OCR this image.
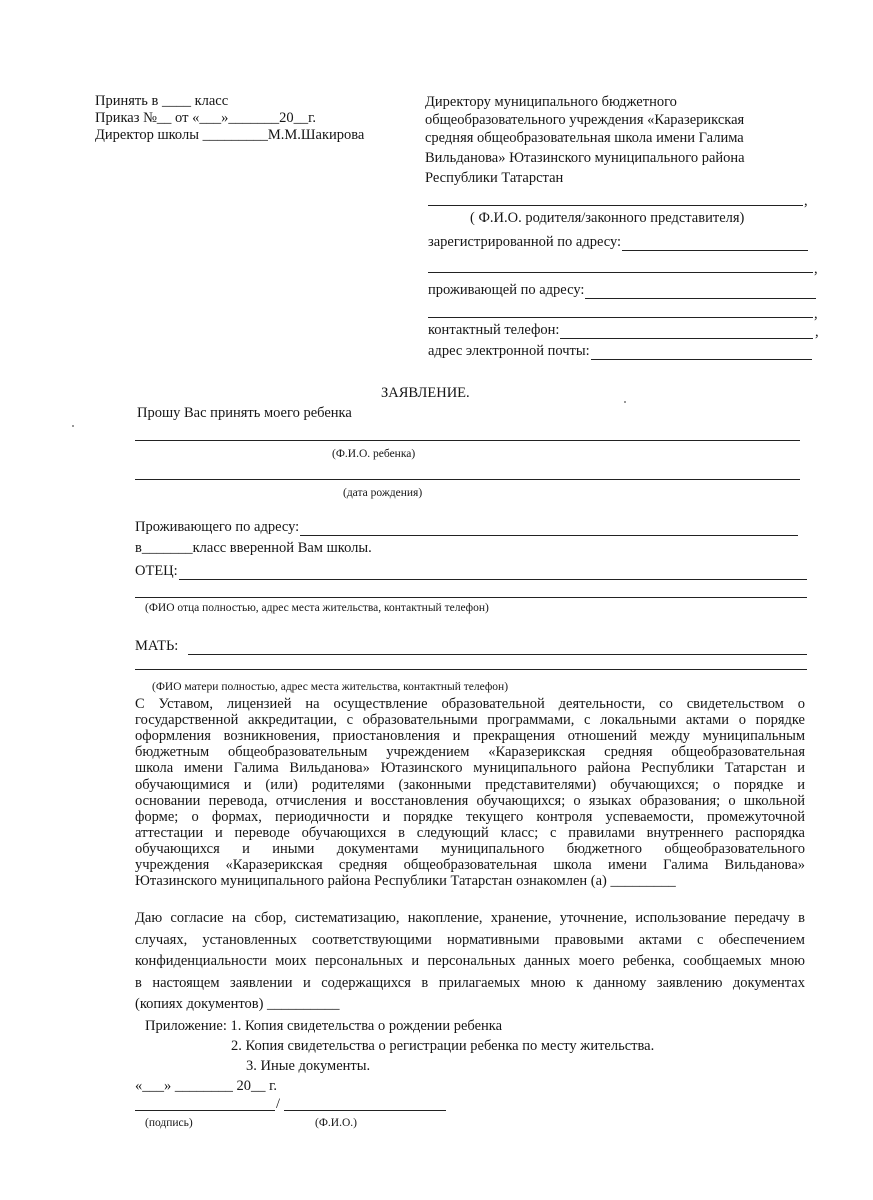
Принять в ____ класс
Приказ №__ от «___»_______20__г.
Директор школы _________М.М.Шакирова
Директору муниципального бюджетного
общеобразовательного учреждения «Каразерикская
средняя общеобразовательная школа имени Галима
Вильданова» Ютазинского муниципального района
Республики Татарстан
,
( Ф.И.О. родителя/законного представителя)
зарегистрированной по адресу:
,
проживающей по адресу:
,
контактный телефон:	,
адрес электронной почты:
ЗАЯВЛЕНИЕ.
Прошу Вас принять моего ребенка
(Ф.И.О. ребенка)
(дата рождения)
Проживающего по адресу:
в_______класс вверенной Вам школы.
ОТЕЦ:
(ФИО отца полностью, адрес места жительства, контактный телефон)
МАТЬ:
(ФИО матери полностью, адрес места жительства, контактный телефон)
С Уставом, лицензией на осуществление образовательной деятельности, со свидетельством о
государственной аккредитации, с образовательными программами, с локальными актами о порядке
оформления возникновения, приостановления и прекращения отношений между муниципальным
бюджетным общеобразовательным учреждением «Каразерикская средняя общеобразовательная
школа имени Галима Вильданова» Ютазинского муниципального района Республики Татарстан и
обучающимися и (или) родителями (законными представителями) обучающихся; о порядке и
основании перевода, отчисления и восстановления обучающихся; о языках образования; о школьной
форме; о формах, периодичности и порядке текущего контроля успеваемости, промежуточной
аттестации и переводе обучающихся в следующий класс; с правилами внутреннего распорядка
обучающихся и иными документами муниципального бюджетного общеобразовательного
учреждения «Каразерикская средняя общеобразовательная школа имени Галима Вильданова»
Ютазинского муниципального района Республики Татарстан ознакомлен (а) _________
Даю согласие на сбор, систематизацию, накопление, хранение, уточнение, использование передачу в
случаях, установленных соответствующими нормативными правовыми актами с обеспечением
конфиденциальности моих персональных и персональных данных моего ребенка, сообщаемых мною
в настоящем заявлении и содержащихся в прилагаемых мною к данному заявлению документах
(копиях документов) __________
Приложение: 1. Копия свидетельства о рождении ребенка
2. Копия свидетельства о регистрации ребенка по месту жительства.
3. Иные документы.
«___» ________ 20__ г.
/
(подпись)	(Ф.И.О.)
